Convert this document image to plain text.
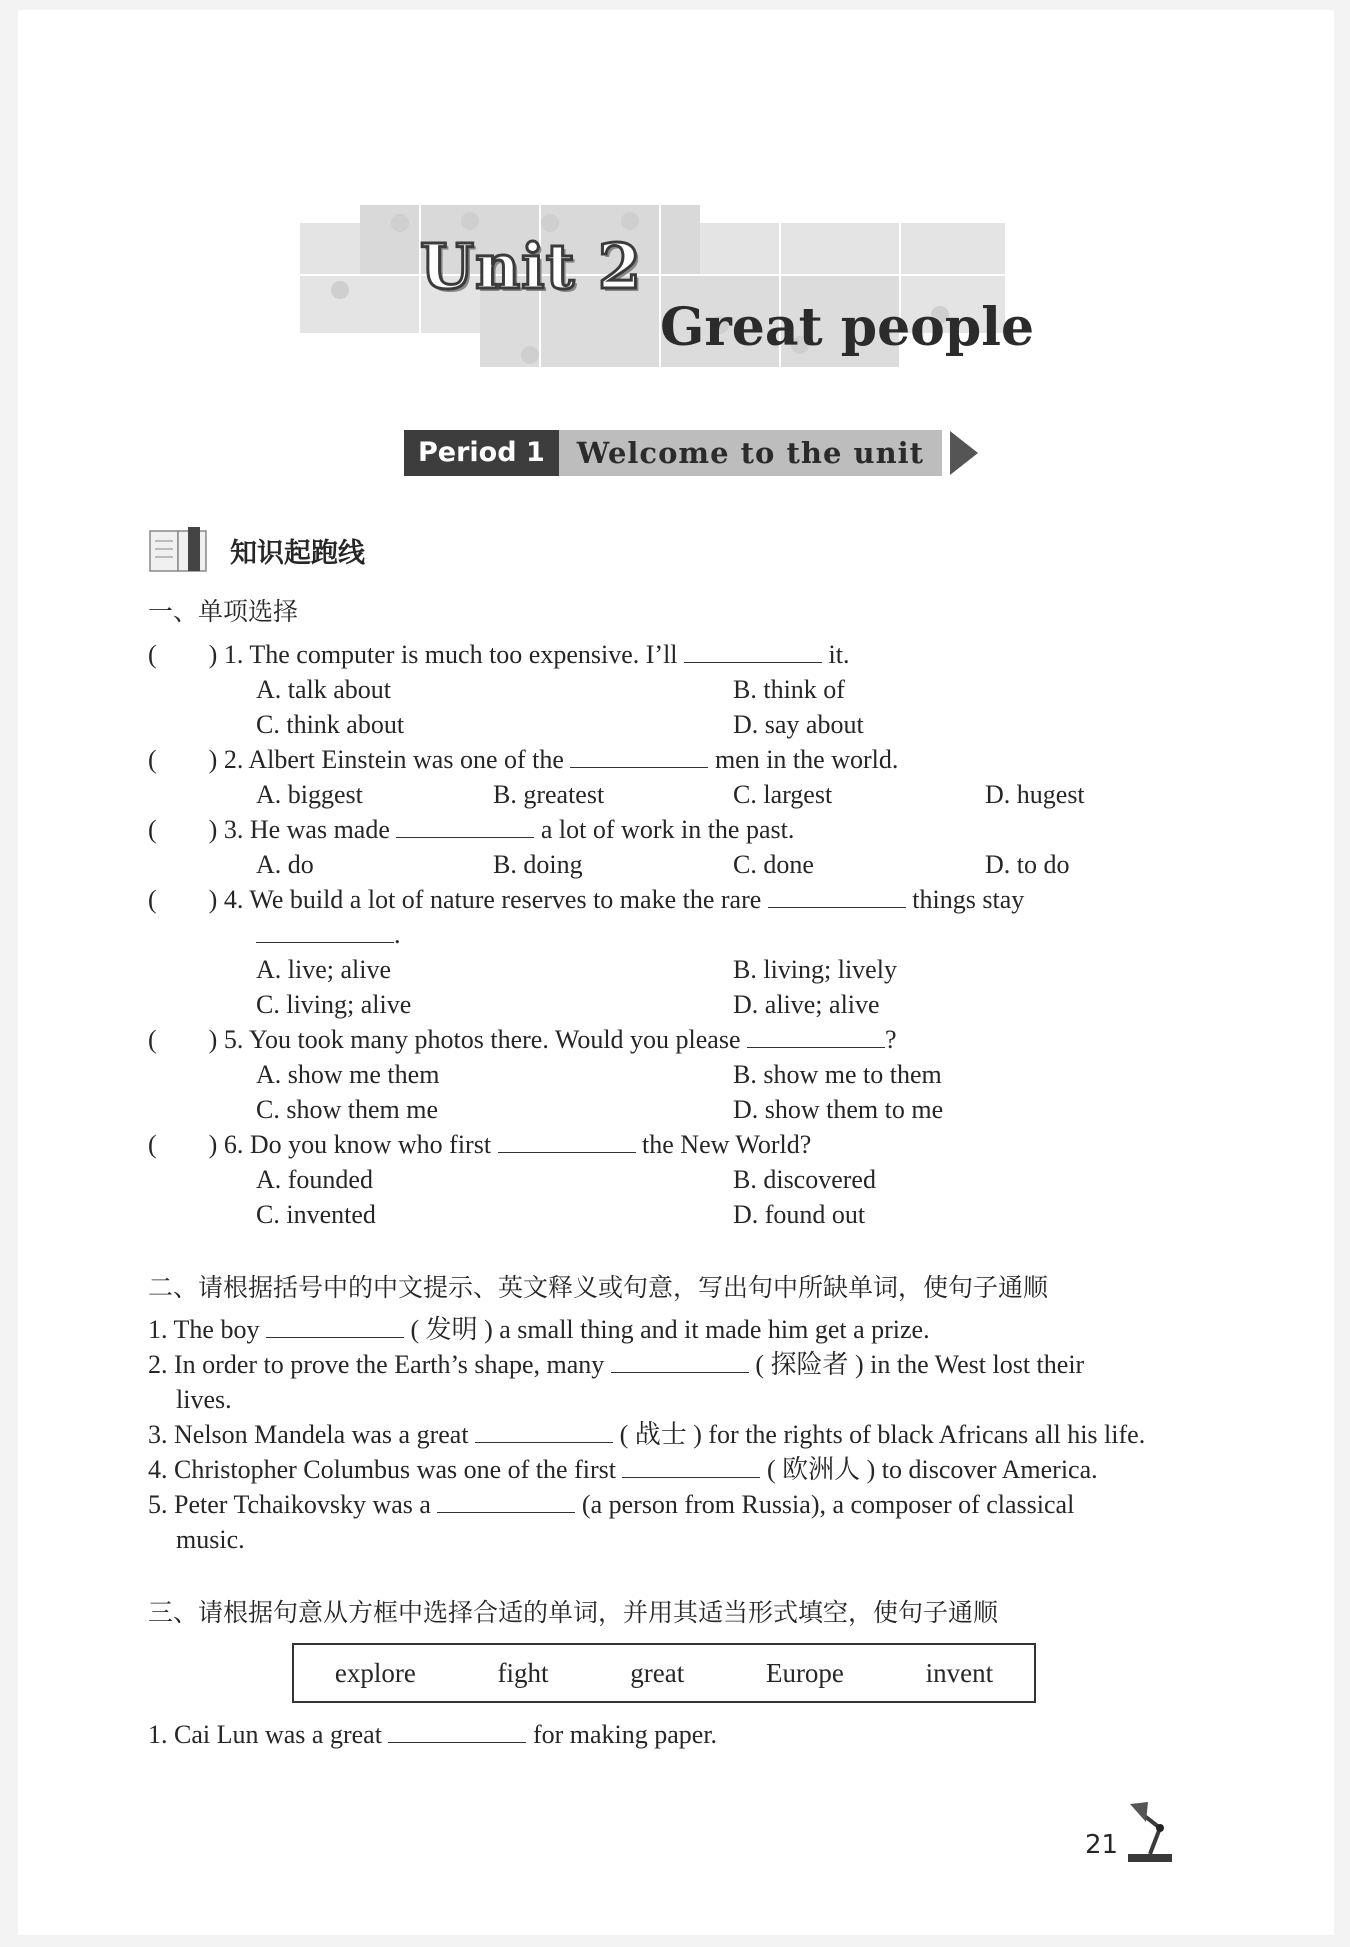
Unit 2
Great people
Period 1	Welcome to the unit
知识起跑线
一、单项选择
( ) 1. The computer is much too expensive. I’ll	it.
A. talk about	B. think of
C. think about	D. say about
( ) 2. Albert Einstein was one of the	men in the world.
A. biggest	B. greatest	C. largest	D. hugest
( ) 3. He was made	a lot of work in the past.
A. do	B. doing	C. done	D. to do
( ) 4. We build a lot of nature reserves to make the rare	things stay
.
A. live; alive	B. living; lively
C. living; alive	D. alive; alive
( ) 5. You took many photos there. Would you please	?
A. show me them	B. show me to them
C. show them me	D. show them to me
( ) 6. Do you know who first	the New World?
A. founded	B. discovered
C. invented	D. found out
二、请根据括号中的中文提示、英文释义或句意，写出句中所缺单词，使句子通顺
1. The boy	( 发明 ) a small thing and it made him get a prize.
2. In order to prove the Earth’s shape, many	( 探险者 ) in the West lost their
lives.
3. Nelson Mandela was a great	( 战士 ) for the rights of black Africans all his life.
4. Christopher Columbus was one of the first	( 欧洲人 ) to discover America.
5. Peter Tchaikovsky was a	(a person from Russia), a composer of classical
music.
三、请根据句意从方框中选择合适的单词，并用其适当形式填空，使句子通顺
explore	fight	great	Europe	invent
1. Cai Lun was a great	for making paper.
21
